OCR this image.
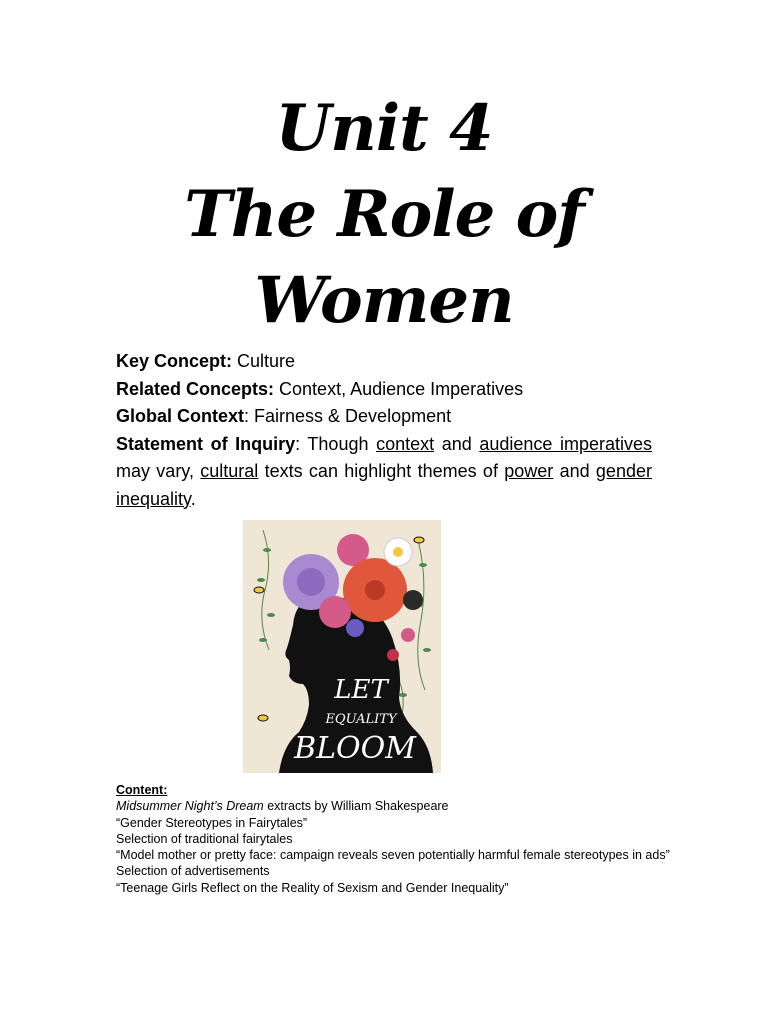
Unit 4
The Role of
Women
Key Concept: Culture
Related Concepts: Context, Audience Imperatives
Global Context: Fairness & Development
Statement of Inquiry: Though context and audience imperatives may vary, cultural texts can highlight themes of power and gender inequality.
LET
EQUALITY
BLOOM
Content:
Midsummer Night’s Dream extracts by William Shakespeare
“Gender Stereotypes in Fairytales”
Selection of traditional fairytales
“Model mother or pretty face: campaign reveals seven potentially harmful female stereotypes in ads”
Selection of advertisements
“Teenage Girls Reflect on the Reality of Sexism and Gender Inequality”
